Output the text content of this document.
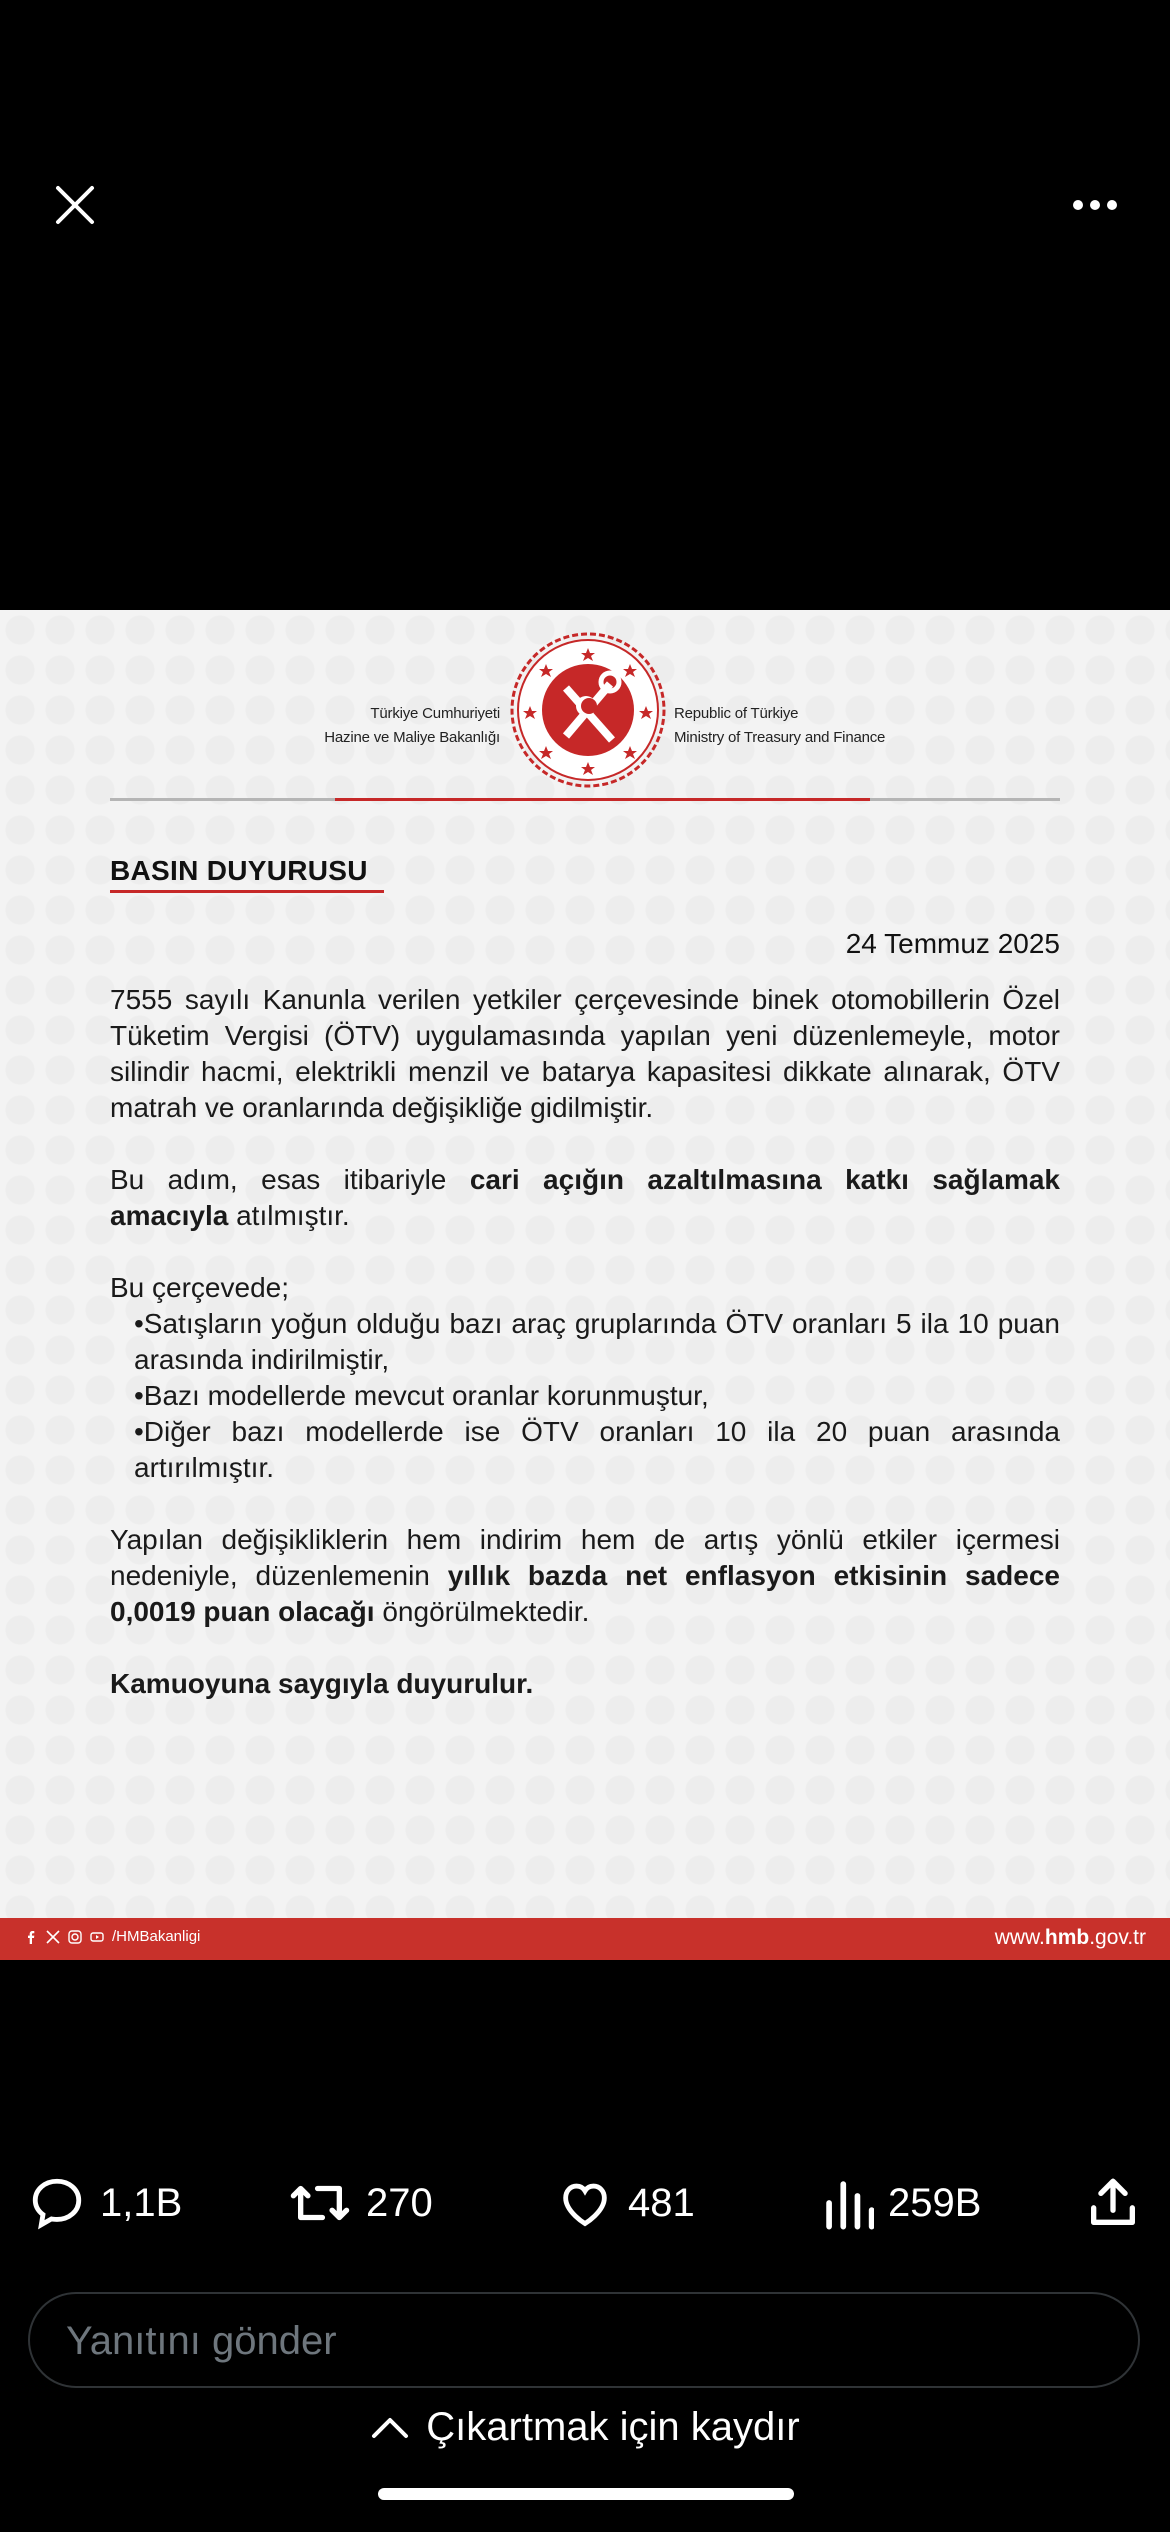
Türkiye Cumhuriyeti
Hazine ve Maliye Bakanlığı
Republic of Türkiye
Ministry of Treasury and Finance
BASIN DUYURUSU
24 Temmuz 2025

7555 sayılı Kanunla verilen yetkiler çerçevesinde binek otomobillerin Özel Tüketim Vergisi (ÖTV) uygulamasında yapılan yeni düzenlemeyle, motor silindir hacmi, elektrikli menzil ve batarya kapasitesi dikkate alınarak, ÖTV matrah ve oranlarında değişikliğe gidilmiştir.

Bu adım, esas itibariyle cari açığın azaltılmasına katkı sağlamak amacıyla atılmıştır.

Bu çerçevede;
•Satışların yoğun olduğu bazı araç gruplarında ÖTV oranları 5 ila 10 puan arasında indirilmiştir,
•Bazı modellerde mevcut oranlar korunmuştur,
•Diğer bazı modellerde ise ÖTV oranları 10 ila 20 puan arasında artırılmıştır.

Yapılan değişikliklerin hem indirim hem de artış yönlü etkiler içermesi nedeniyle, düzenlemenin yıllık bazda net enflasyon etkisinin sadece 0,0019 puan olacağı öngörülmektedir.

Kamuoyuna saygıyla duyurulur.

/HMBakanligi	www.hmb.gov.tr
1,1B	270	481	259B
Yanıtını gönder
Çıkartmak için kaydır
